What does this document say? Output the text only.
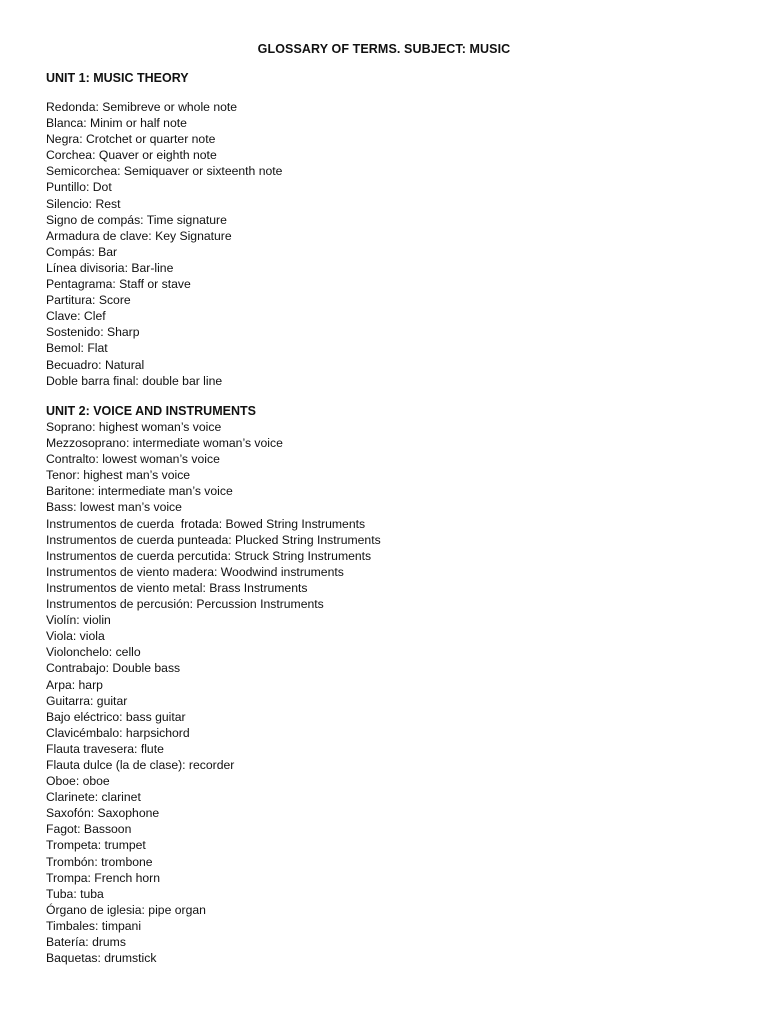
GLOSSARY OF TERMS. SUBJECT: MUSIC
UNIT 1: MUSIC THEORY
Redonda: Semibreve or whole note
Blanca: Minim or half note
Negra: Crotchet or quarter note
Corchea: Quaver or eighth note
Semicorchea: Semiquaver or sixteenth note
Puntillo: Dot
Silencio: Rest
Signo de compás: Time signature
Armadura de clave: Key Signature
Compás: Bar
Línea divisoria: Bar-line
Pentagrama: Staff or stave
Partitura: Score
Clave: Clef
Sostenido: Sharp
Bemol: Flat
Becuadro: Natural
Doble barra final: double bar line
UNIT 2: VOICE AND INSTRUMENTS
Soprano: highest woman’s voice
Mezzosoprano: intermediate woman’s voice
Contralto: lowest woman’s voice
Tenor: highest man’s voice
Baritone: intermediate man’s voice
Bass: lowest man’s voice
Instrumentos de cuerda  frotada: Bowed String Instruments
Instrumentos de cuerda punteada: Plucked String Instruments
Instrumentos de cuerda percutida: Struck String Instruments
Instrumentos de viento madera: Woodwind instruments
Instrumentos de viento metal: Brass Instruments
Instrumentos de percusión: Percussion Instruments
Violín: violin
Viola: viola
Violonchelo: cello
Contrabajo: Double bass
Arpa: harp
Guitarra: guitar
Bajo eléctrico: bass guitar
Clavicémbalo: harpsichord
Flauta travesera: flute
Flauta dulce (la de clase): recorder
Oboe: oboe
Clarinete: clarinet
Saxofón: Saxophone
Fagot: Bassoon
Trompeta: trumpet
Trombón: trombone
Trompa: French horn
Tuba: tuba
Órgano de iglesia: pipe organ
Timbales: timpani
Batería: drums
Baquetas: drumstick
